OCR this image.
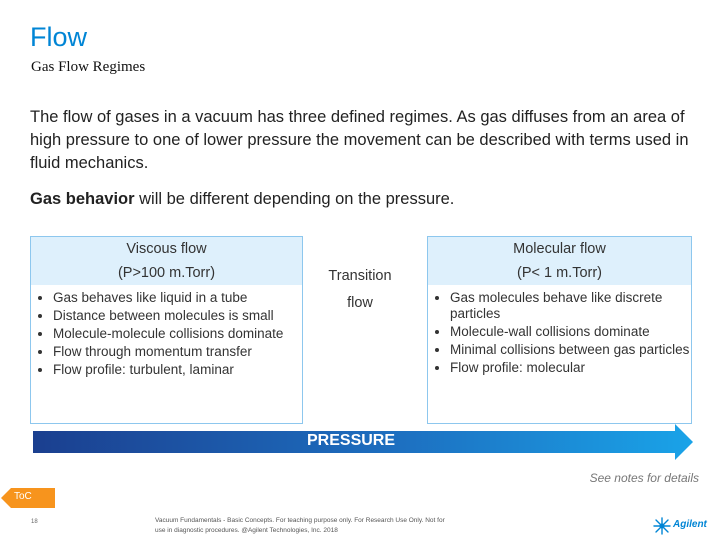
Flow
Gas Flow Regimes
The flow of gases in a vacuum has three defined regimes. As gas diffuses from an area of high pressure to one of lower pressure the movement can be described with terms used in fluid mechanics.
Gas behavior will be different depending on the pressure.
Viscous flow
(P>100 m.Torr)
• Gas behaves like liquid in a tube
• Distance between molecules is small
• Molecule-molecule collisions dominate
• Flow through momentum transfer
• Flow profile: turbulent, laminar
Transition
flow
Molecular flow
(P< 1 m.Torr)
• Gas molecules behave like discrete particles
• Molecule-wall collisions dominate
• Minimal collisions between gas particles
• Flow profile: molecular
PRESSURE
See notes for details
ToC
18	Vacuum Fundamentals - Basic Concepts. For teaching purpose only. For Research Use Only. Not for
use in diagnostic procedures. @Agilent Technologies, Inc. 2018
Agilent
